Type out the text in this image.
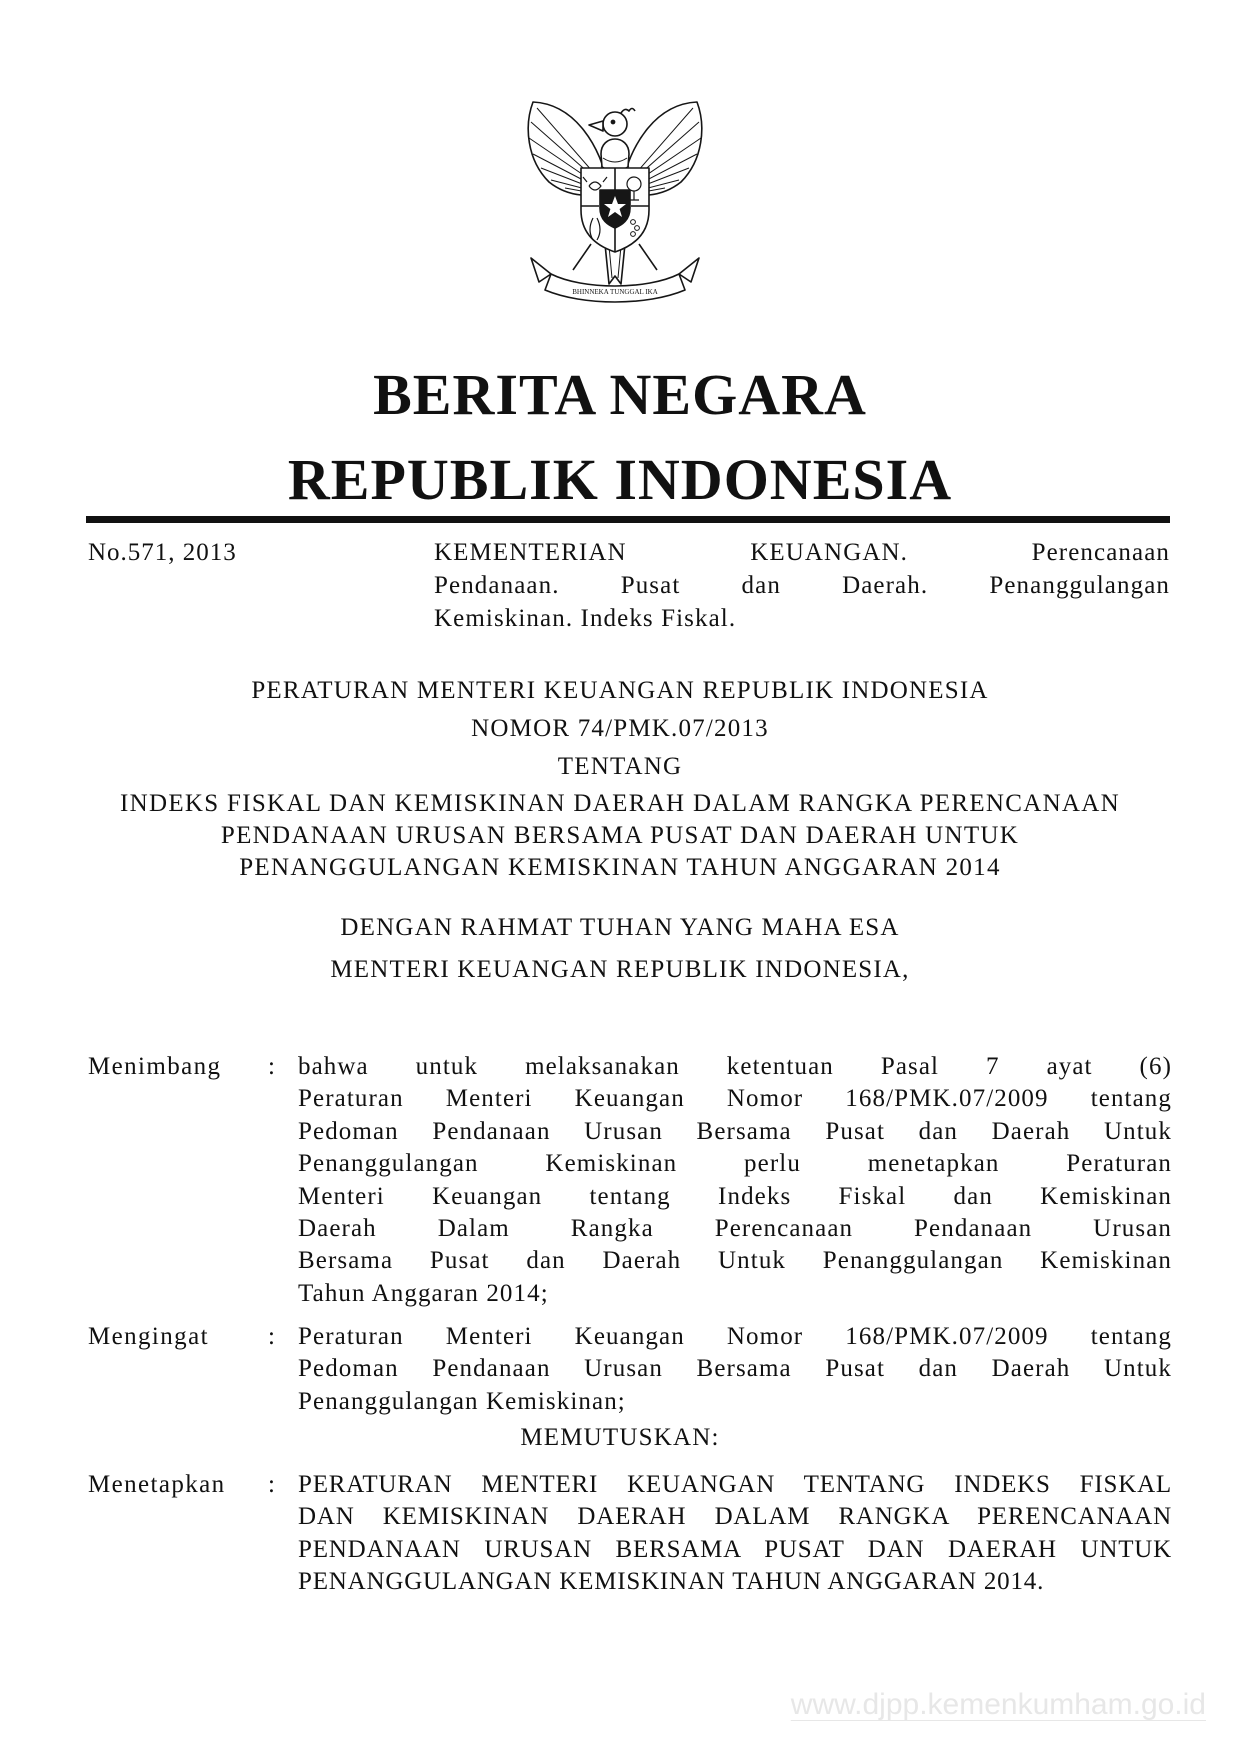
BHINNEKA TUNGGAL IKA
BERITA NEGARA
REPUBLIK INDONESIA
No.571, 2013	KEMENTERIAN KEUANGAN. Perencanaan
Pendanaan. Pusat dan Daerah. Penanggulangan
Kemiskinan. Indeks Fiskal.
PERATURAN MENTERI KEUANGAN REPUBLIK INDONESIA
NOMOR 74/PMK.07/2013
TENTANG
INDEKS FISKAL DAN KEMISKINAN DAERAH DALAM RANGKA PERENCANAAN
PENDANAAN URUSAN BERSAMA PUSAT DAN DAERAH UNTUK
PENANGGULANGAN KEMISKINAN TAHUN ANGGARAN 2014
DENGAN RAHMAT TUHAN YANG MAHA ESA
MENTERI KEUANGAN REPUBLIK INDONESIA,
Menimbang	: bahwa untuk melaksanakan ketentuan Pasal 7 ayat (6)
Peraturan Menteri Keuangan Nomor 168/PMK.07/2009 tentang
Pedoman Pendanaan Urusan Bersama Pusat dan Daerah Untuk
Penanggulangan Kemiskinan perlu menetapkan Peraturan
Menteri Keuangan tentang Indeks Fiskal dan Kemiskinan
Daerah Dalam Rangka Perencanaan Pendanaan Urusan
Bersama Pusat dan Daerah Untuk Penanggulangan Kemiskinan
Tahun Anggaran 2014;
Mengingat	: Peraturan Menteri Keuangan Nomor 168/PMK.07/2009 tentang
Pedoman Pendanaan Urusan Bersama Pusat dan Daerah Untuk
Penanggulangan Kemiskinan;
MEMUTUSKAN:
Menetapkan	: PERATURAN MENTERI KEUANGAN TENTANG INDEKS FISKAL
DAN KEMISKINAN DAERAH DALAM RANGKA PERENCANAAN
PENDANAAN URUSAN BERSAMA PUSAT DAN DAERAH UNTUK
PENANGGULANGAN KEMISKINAN TAHUN ANGGARAN 2014.
www.djpp.kemenkumham.go.id
